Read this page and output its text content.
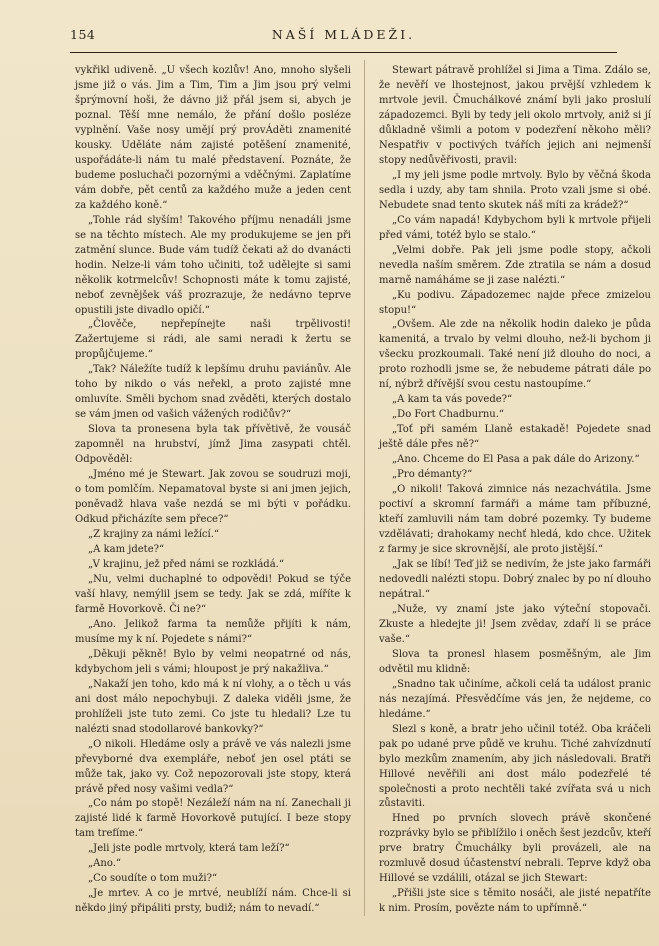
154	NAŠÍ MLÁDEŽI.

vykřikl udiveně. „U všech kozlův! Ano, mnoho slyšeli jsme již o vás. Jim a Tim, Tim a Jim jsou prý velmi šprýmovní hoši, že dávno již přál jsem si, abych je poznal. Těší mne nemálo, že přání došlo posléze vyplnění. Vaše nosy umějí prý provÁděti znamenité kousky. Uděláte nám zajisté potěšení znamenité, uspořádáte-li nám tu malé představení. Poznáte, že budeme posluchači pozornými a vděčnými. Zaplatíme vám dobře, pět centů za každého muže a jeden cent za každého koně.“

„Tohle rád slyším! Takového příjmu nenadáli jsme se na těchto místech. Ale my produkujeme se jen při zatmění slunce. Bude vám tudíž čekati až do dvanácti hodin. Nelze-li vám toho učiniti, tož udělejte si sami několik kotrmelcův! Schopnosti máte k tomu zajisté, neboť zevnějšek váš prozrazuje, že nedávno teprve opustili jste divadlo opičí.“

„Člověče, nepřepínejte naši trpělivosti! Zažertujeme si rádi, ale sami neradi k žertu se propůjčujeme.“

„Tak? Náležíte tudíž k lepšímu druhu paviánův. Ale toho by nikdo o vás neřekl, a proto zajisté mne omluvíte. Směli bychom snad zvěděti, kterých dostalo se vám jmen od vašich vážených rodičův?“

Slova ta pronesena byla tak přívětivě, že vousáč zapomněl na hrubství, jímž Jima zasypati chtěl. Odpověděl:

„Jméno mé je Stewart. Jak zovou se soudruzi moji, o tom pomlčím. Nepamatoval byste si ani jmen jejich, poněvadž hlava vaše nezdá se mi býti v pořádku. Odkud přicházíte sem přece?“

„Z krajiny za námi ležící.“

„A kam jdete?“

„V krajinu, jež před námi se rozkládá.“

„Nu, velmi duchaplné to odpovědi! Pokud se týče vaší hlavy, nemýlil jsem se tedy. Jak se zdá, míříte k farmě Hovorkově. Či ne?“

„Ano. Jelikož farma ta nemůže přijíti k nám, musíme my k ní. Pojedete s námi?“

„Děkuji pěkně! Bylo by velmi neopatrné od nás, kdybychom jeli s vámi; hloupost je prý nakažliva.“

„Nakaží jen toho, kdo má k ní vlohy, a o těch u vás ani dost málo nepochybuji. Z daleka viděli jsme, že prohlíželi jste tuto zemi. Co jste tu hledali? Lze tu nalézti snad stodollarové bankovky?“

„O nikoli. Hledáme osly a právě ve vás nalezli jsme převyborné dva exempláře, neboť jen osel ptáti se může tak, jako vy. Což nepozorovali jste stopy, která právě před nosy vašimi vedla?“

„Co nám po stopě! Nezáleží nám na ní. Zanechali ji zajisté lidé k farmě Hovorkově putující. I beze stopy tam trefíme.“

„Jeli jste podle mrtvoly, která tam leží?“

„Ano.“

„Co soudíte o tom muži?“

„Je mrtev. A co je mrtvé, neublíží nám. Chce-li si někdo jiný připáliti prsty, budiž; nám to nevadí.“

Stewart pátravě prohlížel si Jima a Tima. Zdálo se, že nevěří ve lhostejnost, jakou prvější vzhledem k mrtvole jevil. Čmuchálkové známí byli jako proslulí západozemci. Byli by tedy jeli okolo mrtvoly, aniž si jí důkladně všimli a potom v podezření někoho měli? Nespatřiv v poctivých tvářích jejich ani nejmenší stopy nedůvěřivosti, pravil:

„I my jeli jsme podle mrtvoly. Bylo by věčná škoda sedla i uzdy, aby tam shnila. Proto vzali jsme si obé. Nebudete snad tento skutek náš míti za krádež?“

„Co vám napadá! Kdybychom byli k mrtvole přijeli před vámi, totéž bylo se stalo.“

„Velmi dobře. Pak jeli jsme podle stopy, ačkoli nevedla naším směrem. Zde ztratila se nám a dosud marně namáháme se ji zase nalézti.“

„Ku podivu. Západozemec najde přece zmizelou stopu!“

„Ovšem. Ale zde na několik hodin daleko je půda kamenitá, a trvalo by velmi dlouho, než-li bychom ji všecku prozkoumali. Také není již dlouho do noci, a proto rozhodli jsme se, že nebudeme pátrati dále po ní, nýbrž dřívější svou cestu nastoupíme.“

„A kam ta vás povede?“

„Do Fort Chadburnu.“

„Toť při samém Llaně estakadě! Pojedete snad ještě dále přes ně?“

„Ano. Chceme do El Pasa a pak dále do Arizony.“

„Pro démanty?“

„O nikoli! Taková zimnice nás nezachvátila. Jsme poctiví a skromní farmáři a máme tam příbuzné, kteří zamluvili nám tam dobré pozemky. Ty budeme vzdělávati; drahokamy nechť hledá, kdo chce. Užitek z farmy je sice skrovnější, ale proto jistější.“

„Jak se líbí! Teď již se nedivím, že jste jako farmáři nedovedli nalézti stopu. Dobrý znalec by po ní dlouho nepátral.“

„Nuže, vy znamí jste jako výteční stopovači. Zkuste a hledejte ji! Jsem zvědav, zdaří li se práce vaše.“

Slova ta pronesl hlasem posměšným, ale Jim odvětil mu klidně:

„Snadno tak učiníme, ačkoli celá ta událost pranic nás nezajímá. Přesvědčíme vás jen, že nejdeme, co hledáme.“

Slezl s koně, a bratr jeho učinil totéž. Oba kráčeli pak po udané prve půdě ve kruhu. Tiché zahvízdnutí bylo mezkům znamením, aby jich následovali. Bratři Hillové nevěřili ani dost málo podezřelé té společnosti a proto nechtěli také zvířata svá u nich zůstaviti.

Hned po prvních slovech právě skončené rozprávky bylo se přiblížilo i oněch šest jezdcův, kteří prve bratry Čmuchálky byli provázeli, ale na rozmluvě dosud účastenství nebrali. Teprve když oba Hillové se vzdálili, otázal se jich Stewart:

„Přišli jste sice s těmito nosáči, ale jisté nepatříte k nim. Prosím, povězte nám to upřímně.“
